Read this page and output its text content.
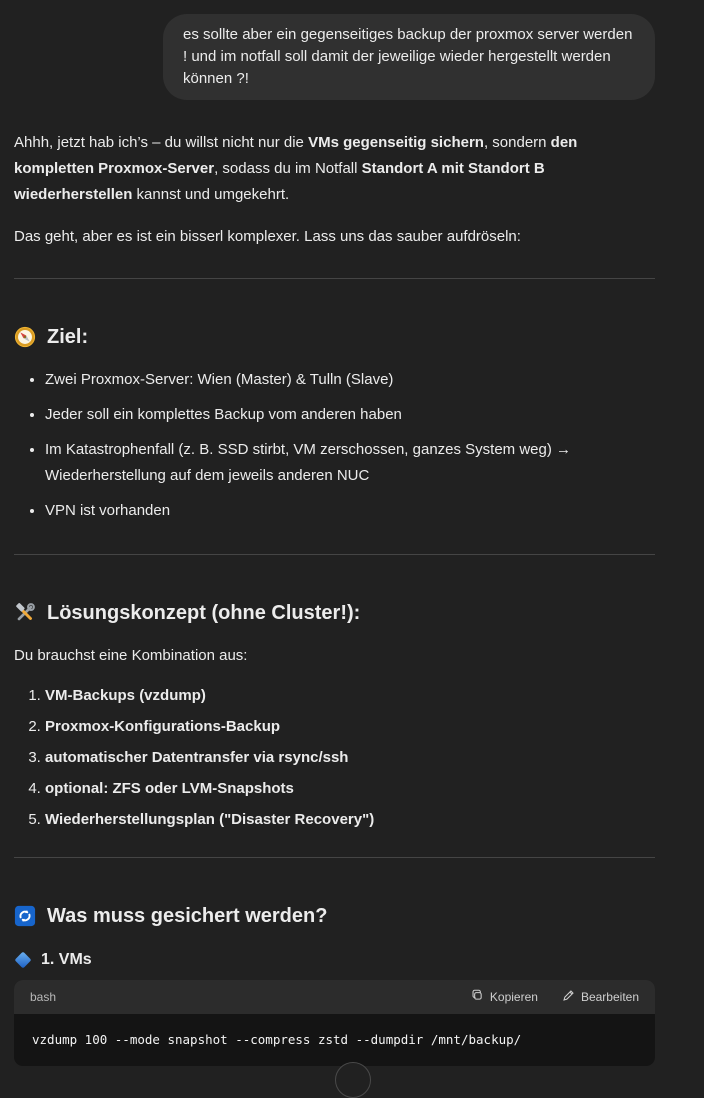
es sollte aber ein gegenseitiges backup der proxmox server werden ! und im notfall soll damit der jeweilige wieder hergestellt werden können ?!

Ahhh, jetzt hab ich’s – du willst nicht nur die VMs gegenseitig sichern, sondern den kompletten Proxmox-Server, sodass du im Notfall Standort A mit Standort B wiederherstellen kannst und umgekehrt.

Das geht, aber es ist ein bisserl komplexer. Lass uns das sauber aufdröseln:

Ziel:
• Zwei Proxmox-Server: Wien (Master) & Tulln (Slave)
• Jeder soll ein komplettes Backup vom anderen haben
• Im Katastrophenfall (z. B. SSD stirbt, VM zerschossen, ganzes System weg) → Wiederherstellung auf dem jeweils anderen NUC
• VPN ist vorhanden
Lösungskonzept (ohne Cluster!):

Du brauchst eine Kombination aus:

1. VM-Backups (vzdump)
2. Proxmox-Konfigurations-Backup
3. automatischer Datentransfer via rsync/ssh
4. optional: ZFS oder LVM-Snapshots
5. Wiederherstellungsplan ("Disaster Recovery")
Was muss gesichert werden?
1. VMs
bash	Kopieren	Bearbeiten
vzdump 100 --mode snapshot --compress zstd --dumpdir /mnt/backup/
